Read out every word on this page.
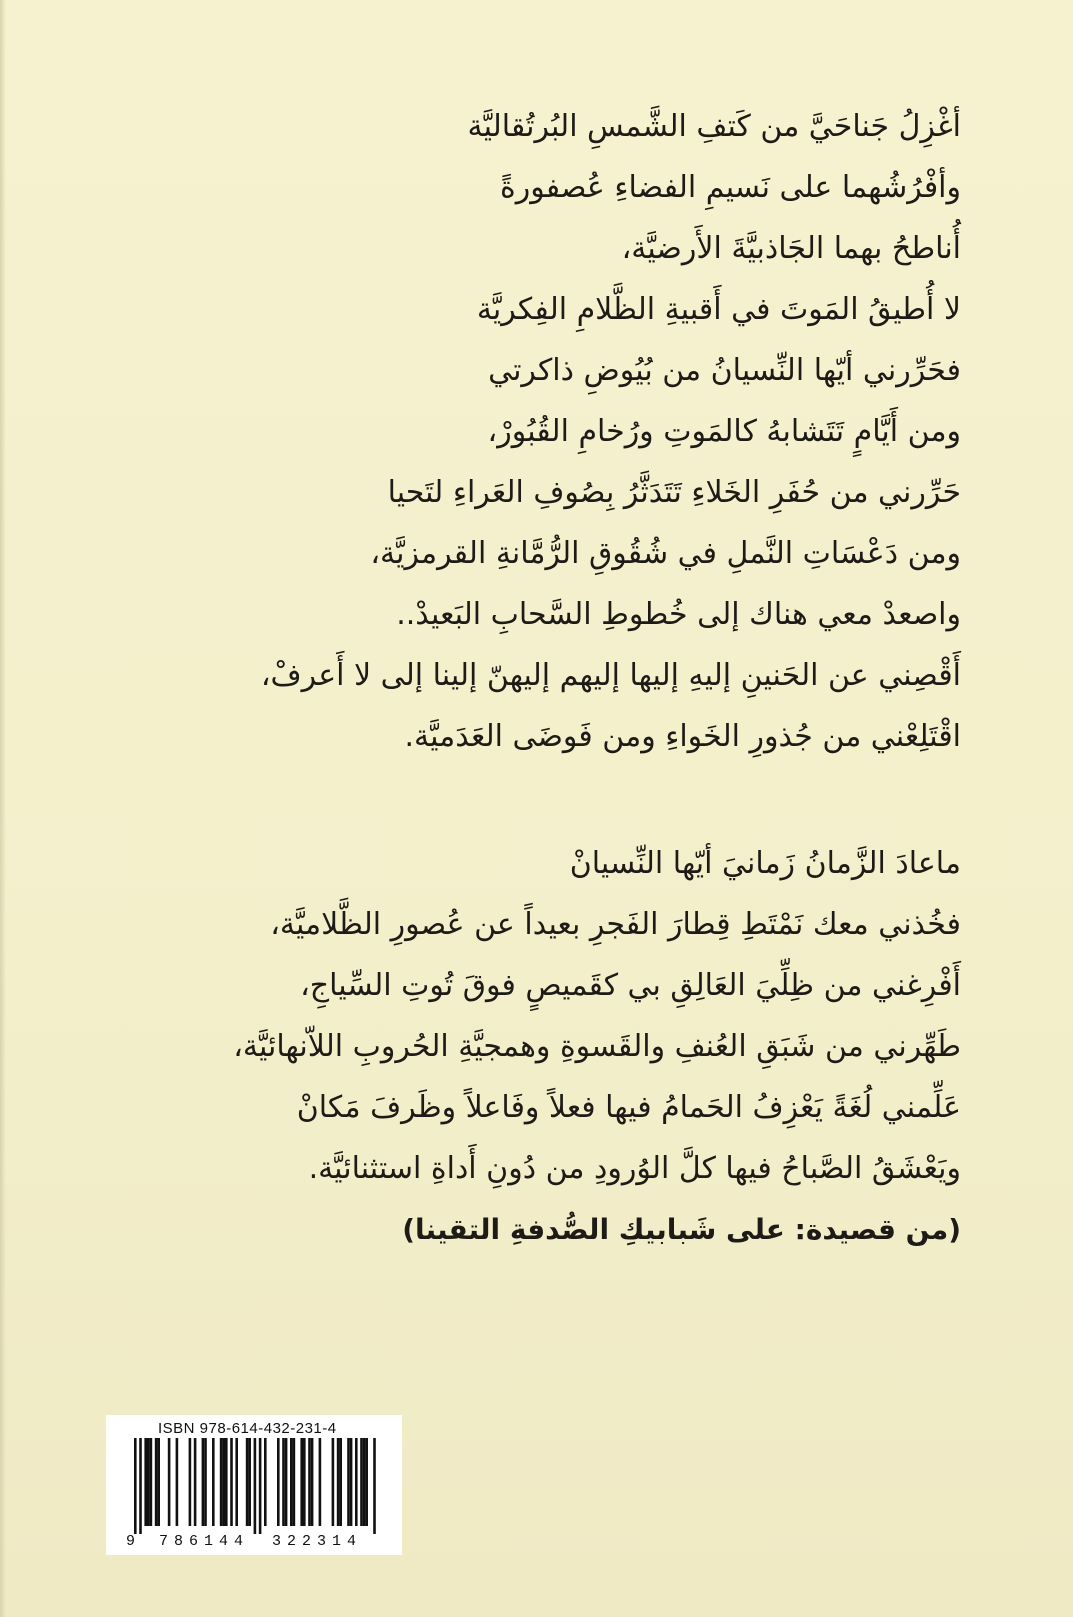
أغْزِلُ جَناحَيَّ من كَتفِ الشَّمسِ البُرتُقاليَّة
وأفْرُشُهما على نَسيمِ الفضاءِ عُصفورةً
أُناطحُ بهما الجَاذبيَّةَ الأَرضيَّة،
لا أُطيقُ المَوتَ في أَقبيةِ الظَّلامِ الفِكريَّة
فحَرِّرني أيّها النِّسيانُ من بُيُوضِ ذاكرتي
ومن أَيَّامٍ تَتَشابهُ كالمَوتِ ورُخامِ القُبُورْ،
حَرِّرني من حُفَرِ الخَلاءِ تَتَدَثَّرُ بِصُوفِ العَراءِ لتَحيا
ومن دَعْسَاتِ النَّملِ في شُقُوقِ الرُّمَّانةِ القرمزيَّة،
واصعدْ معي هناك إلى خُطوطِ السَّحابِ البَعيدْ..
أَقْصِني عن الحَنينِ إليهِ إليها إليهم إليهنّ إلينا إلى لا أَعرفْ،
اقْتَلِعْني من جُذورِ الخَواءِ ومن فَوضَى العَدَميَّة.
ماعادَ الزَّمانُ زَمانيَ أيّها النِّسيانْ
فخُذني معك نَمْتَطِ قِطارَ الفَجرِ بعيداً عن عُصورِ الظَّلاميَّة،
أَفْرِغني من ظِلِّيَ العَالِقِ بي كقَميصٍ فوقَ تُوتِ السِّياجِ،
طَهِّرني من شَبَقِ العُنفِ والقَسوةِ وهمجيَّةِ الحُروبِ اللاّنهائيَّة،
عَلِّمني لُغَةً يَعْزِفُ الحَمامُ فيها فعلاً وفَاعلاً وظَرفَ مَكانْ
ويَعْشَقُ الصَّباحُ فيها كلَّ الوُرودِ من دُونِ أَداةِ استثنائيَّة.
(من قصيدة: على شَبابيكِ الصُّدفةِ التقينا)
ISBN 978-614-432-231-4
9 786144 322314
